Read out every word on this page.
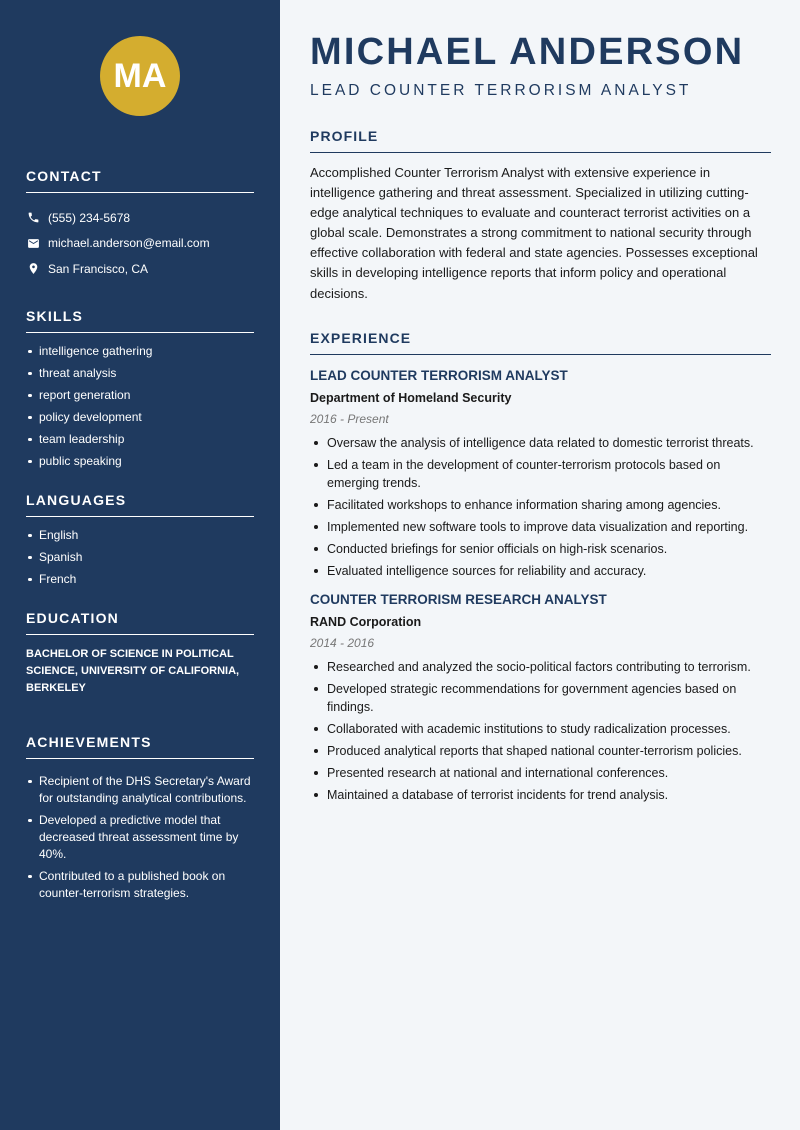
MA
CONTACT
(555) 234-5678
michael.anderson@email.com
San Francisco, CA
SKILLS
intelligence gathering
threat analysis
report generation
policy development
team leadership
public speaking
LANGUAGES
English
Spanish
French
EDUCATION
BACHELOR OF SCIENCE IN POLITICAL SCIENCE, UNIVERSITY OF CALIFORNIA, BERKELEY
ACHIEVEMENTS
Recipient of the DHS Secretary's Award for outstanding analytical contributions.
Developed a predictive model that decreased threat assessment time by 40%.
Contributed to a published book on counter-terrorism strategies.
MICHAEL ANDERSON
LEAD COUNTER TERRORISM ANALYST
PROFILE

Accomplished Counter Terrorism Analyst with extensive experience in intelligence gathering and threat assessment. Specialized in utilizing cutting-edge analytical techniques to evaluate and counteract terrorist activities on a global scale. Demonstrates a strong commitment to national security through effective collaboration with federal and state agencies. Possesses exceptional skills in developing intelligence reports that inform policy and operational decisions.

EXPERIENCE
LEAD COUNTER TERRORISM ANALYST
Department of Homeland Security
2016 - Present
Oversaw the analysis of intelligence data related to domestic terrorist threats.
Led a team in the development of counter-terrorism protocols based on emerging trends.
Facilitated workshops to enhance information sharing among agencies.
Implemented new software tools to improve data visualization and reporting.
Conducted briefings for senior officials on high-risk scenarios.
Evaluated intelligence sources for reliability and accuracy.
COUNTER TERRORISM RESEARCH ANALYST
RAND Corporation
2014 - 2016
Researched and analyzed the socio-political factors contributing to terrorism.
Developed strategic recommendations for government agencies based on findings.
Collaborated with academic institutions to study radicalization processes.
Produced analytical reports that shaped national counter-terrorism policies.
Presented research at national and international conferences.
Maintained a database of terrorist incidents for trend analysis.
